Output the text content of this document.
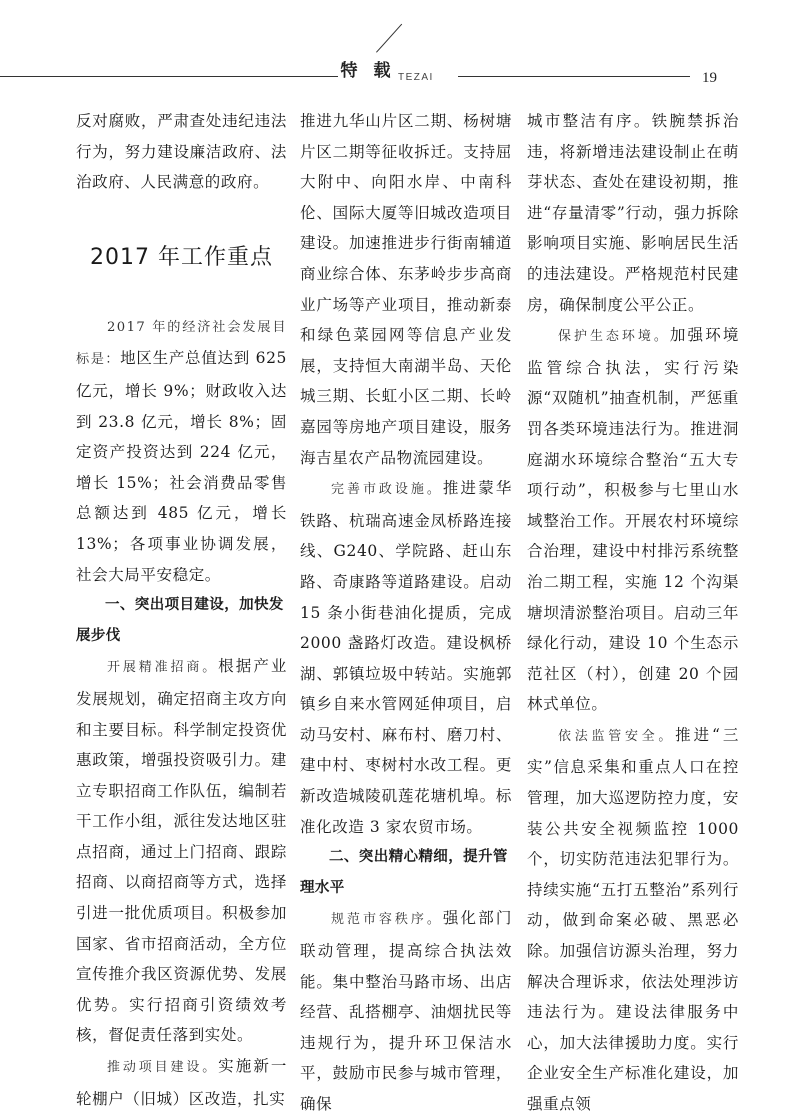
特 载 TEZAI	19

反对腐败，严肃查处违纪违法行为，努力建设廉洁政府、法治政府、人民满意的政府。

2017 年工作重点

2017 年的经济社会发展目标是：地区生产总值达到 625 亿元，增长 9%；财政收入达到 23.8 亿元，增长 8%；固定资产投资达到 224 亿元，增长 15%；社会消费品零售总额达到 485 亿元，增长 13%；各项事业协调发展，社会大局平安稳定。

一、突出项目建设，加快发展步伐

开展精准招商。根据产业发展规划，确定招商主攻方向和主要目标。科学制定投资优惠政策，增强投资吸引力。建立专职招商工作队伍，编制若干工作小组，派往发达地区驻点招商，通过上门招商、跟踪招商、以商招商等方式，选择引进一批优质项目。积极参加国家、省市招商活动，全方位宣传推介我区资源优势、发展优势。实行招商引资绩效考核，督促责任落到实处。

推动项目建设。实施新一轮棚户（旧城）区改造，扎实

推进九华山片区二期、杨树塘片区二期等征收拆迁。支持屈大附中、向阳水岸、中南科伦、国际大厦等旧城改造项目建设。加速推进步行街南辅道商业综合体、东茅岭步步高商业广场等产业项目，推动新泰和绿色菜园网等信息产业发展，支持恒大南湖半岛、天伦城三期、长虹小区二期、长岭嘉园等房地产项目建设，服务海吉星农产品物流园建设。

完善市政设施。推进蒙华铁路、杭瑞高速金凤桥路连接线、G240、学院路、赶山东路、奇康路等道路建设。启动 15 条小街巷油化提质，完成 2000 盏路灯改造。建设枫桥湖、郭镇垃圾中转站。实施郭镇乡自来水管网延伸项目，启动马安村、麻布村、磨刀村、建中村、枣树村水改工程。更新改造城陵矶莲花塘机埠。标准化改造 3 家农贸市场。

二、突出精心精细，提升管理水平

规范市容秩序。强化部门联动管理，提高综合执法效能。集中整治马路市场、出店经营、乱搭棚亭、油烟扰民等违规行为，提升环卫保洁水平，鼓励市民参与城市管理，确保

城市整洁有序。铁腕禁拆治违，将新增违法建设制止在萌芽状态、查处在建设初期，推进“存量清零”行动，强力拆除影响项目实施、影响居民生活的违法建设。严格规范村民建房，确保制度公平公正。

保护生态环境。加强环境监管综合执法，实行污染源“双随机”抽查机制，严惩重罚各类环境违法行为。推进洞庭湖水环境综合整治“五大专项行动”，积极参与七里山水域整治工作。开展农村环境综合治理，建设中村排污系统整治二期工程，实施 12 个沟渠塘坝清淤整治项目。启动三年绿化行动，建设 10 个生态示范社区（村），创建 20 个园林式单位。

依法监管安全。推进“三实”信息采集和重点人口在控管理，加大巡逻防控力度，安装公共安全视频监控 1000 个，切实防范违法犯罪行为。持续实施“五打五整治”系列行动，做到命案必破、黑恶必除。加强信访源头治理，努力解决合理诉求，依法处理涉访违法行为。建设法律服务中心，加大法律援助力度。实行企业安全生产标准化建设，加强重点领
